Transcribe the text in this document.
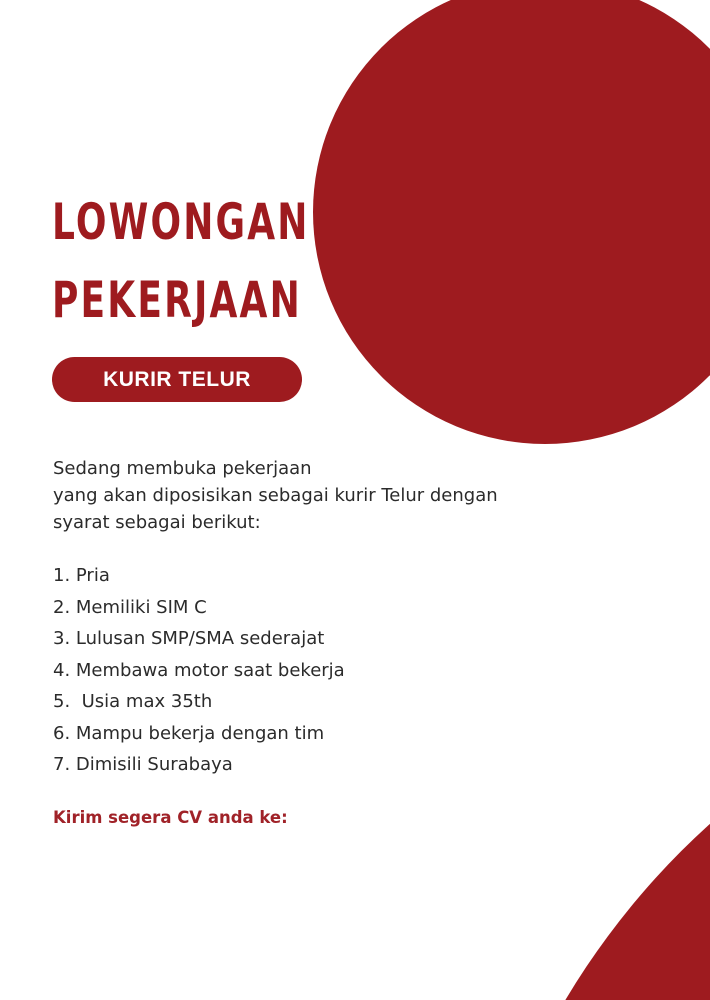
LOWONGAN
PEKERJAAN
KURIR TELUR
Sedang membuka pekerjaan
yang akan diposisikan sebagai kurir Telur dengan
syarat sebagai berikut:
1. Pria
2. Memiliki SIM C
3. Lulusan SMP/SMA sederajat
4. Membawa motor saat bekerja
5.  Usia max 35th
6. Mampu bekerja dengan tim
7. Dimisili Surabaya
Kirim segera CV anda ke:
